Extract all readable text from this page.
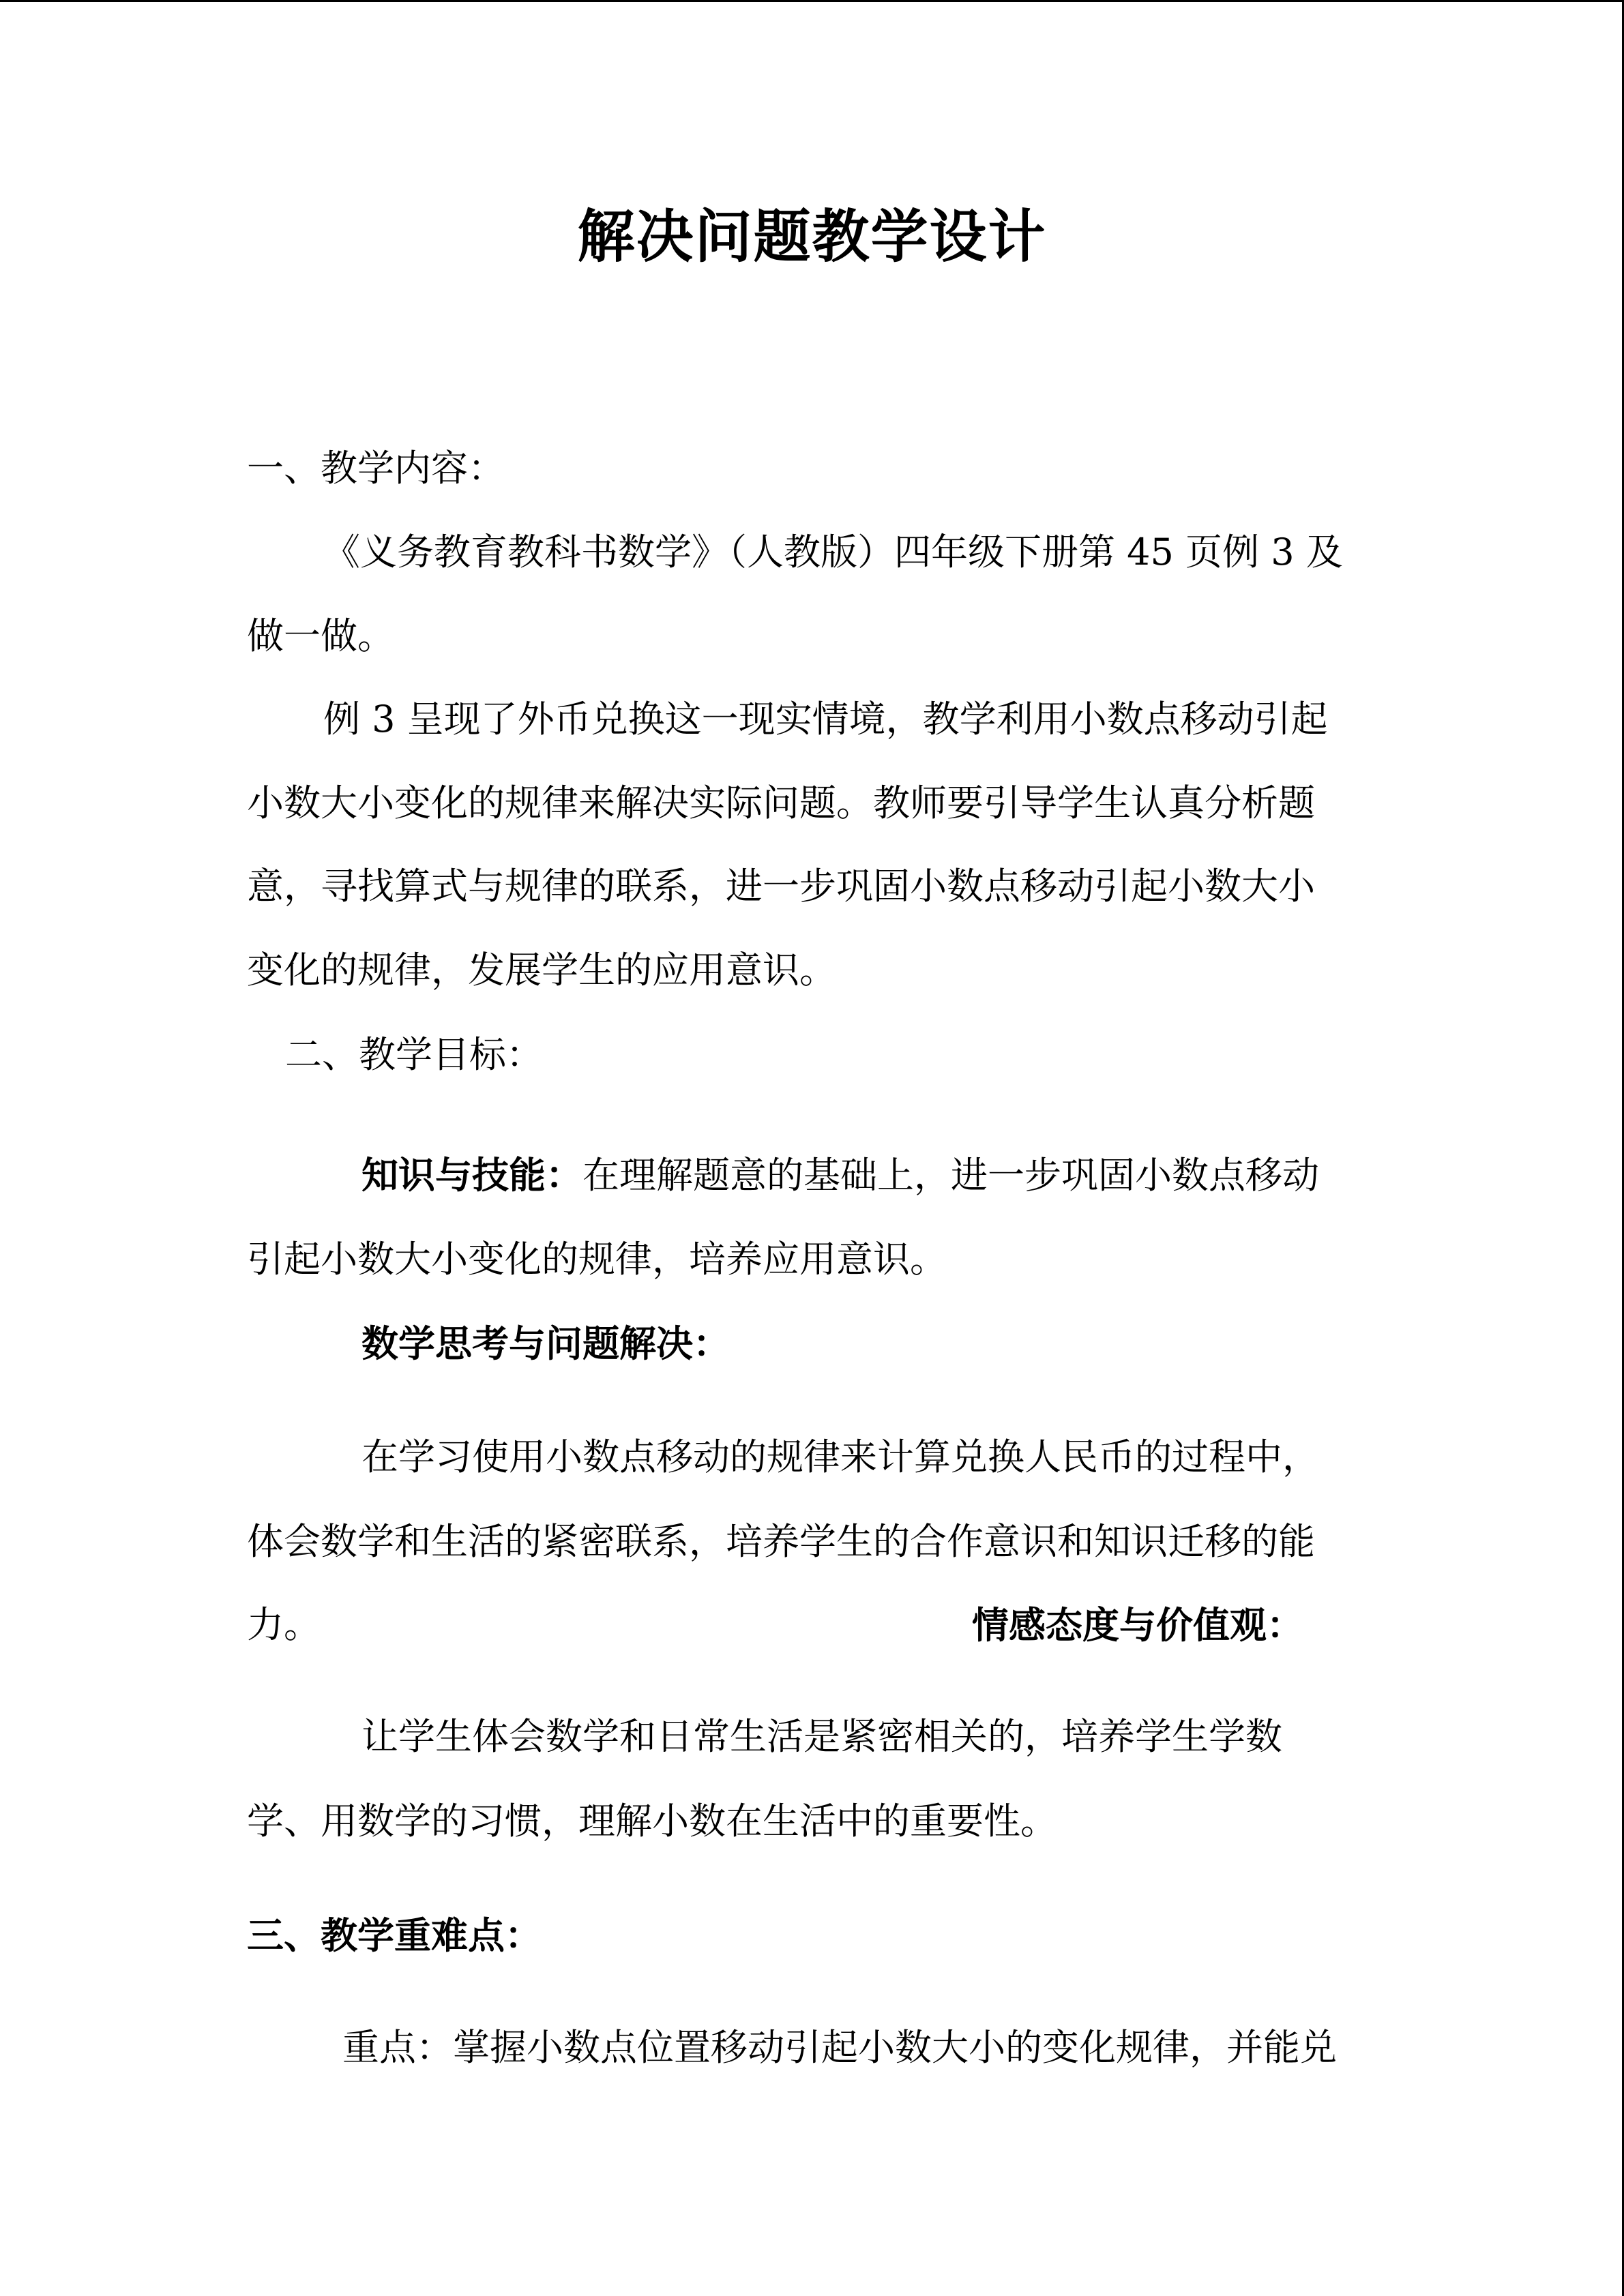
解决问题教学设计
一、教学内容：
《义务教育教科书数学》（人教版）四年级下册第 45 页例 3 及
做一做。
例 3 呈现了外币兑换这一现实情境，教学利用小数点移动引起
小数大小变化的规律来解决实际问题。教师要引导学生认真分析题
意，寻找算式与规律的联系，进一步巩固小数点移动引起小数大小
变化的规律，发展学生的应用意识。
二、教学目标：
知识与技能：在理解题意的基础上，进一步巩固小数点移动
引起小数大小变化的规律，培养应用意识。
数学思考与问题解决：
在学习使用小数点移动的规律来计算兑换人民币的过程中，
体会数学和生活的紧密联系，培养学生的合作意识和知识迁移的能
力。	情感态度与价值观：
让学生体会数学和日常生活是紧密相关的，培养学生学数
学、用数学的习惯，理解小数在生活中的重要性。
三、教学重难点：
重点：掌握小数点位置移动引起小数大小的变化规律，并能兑
